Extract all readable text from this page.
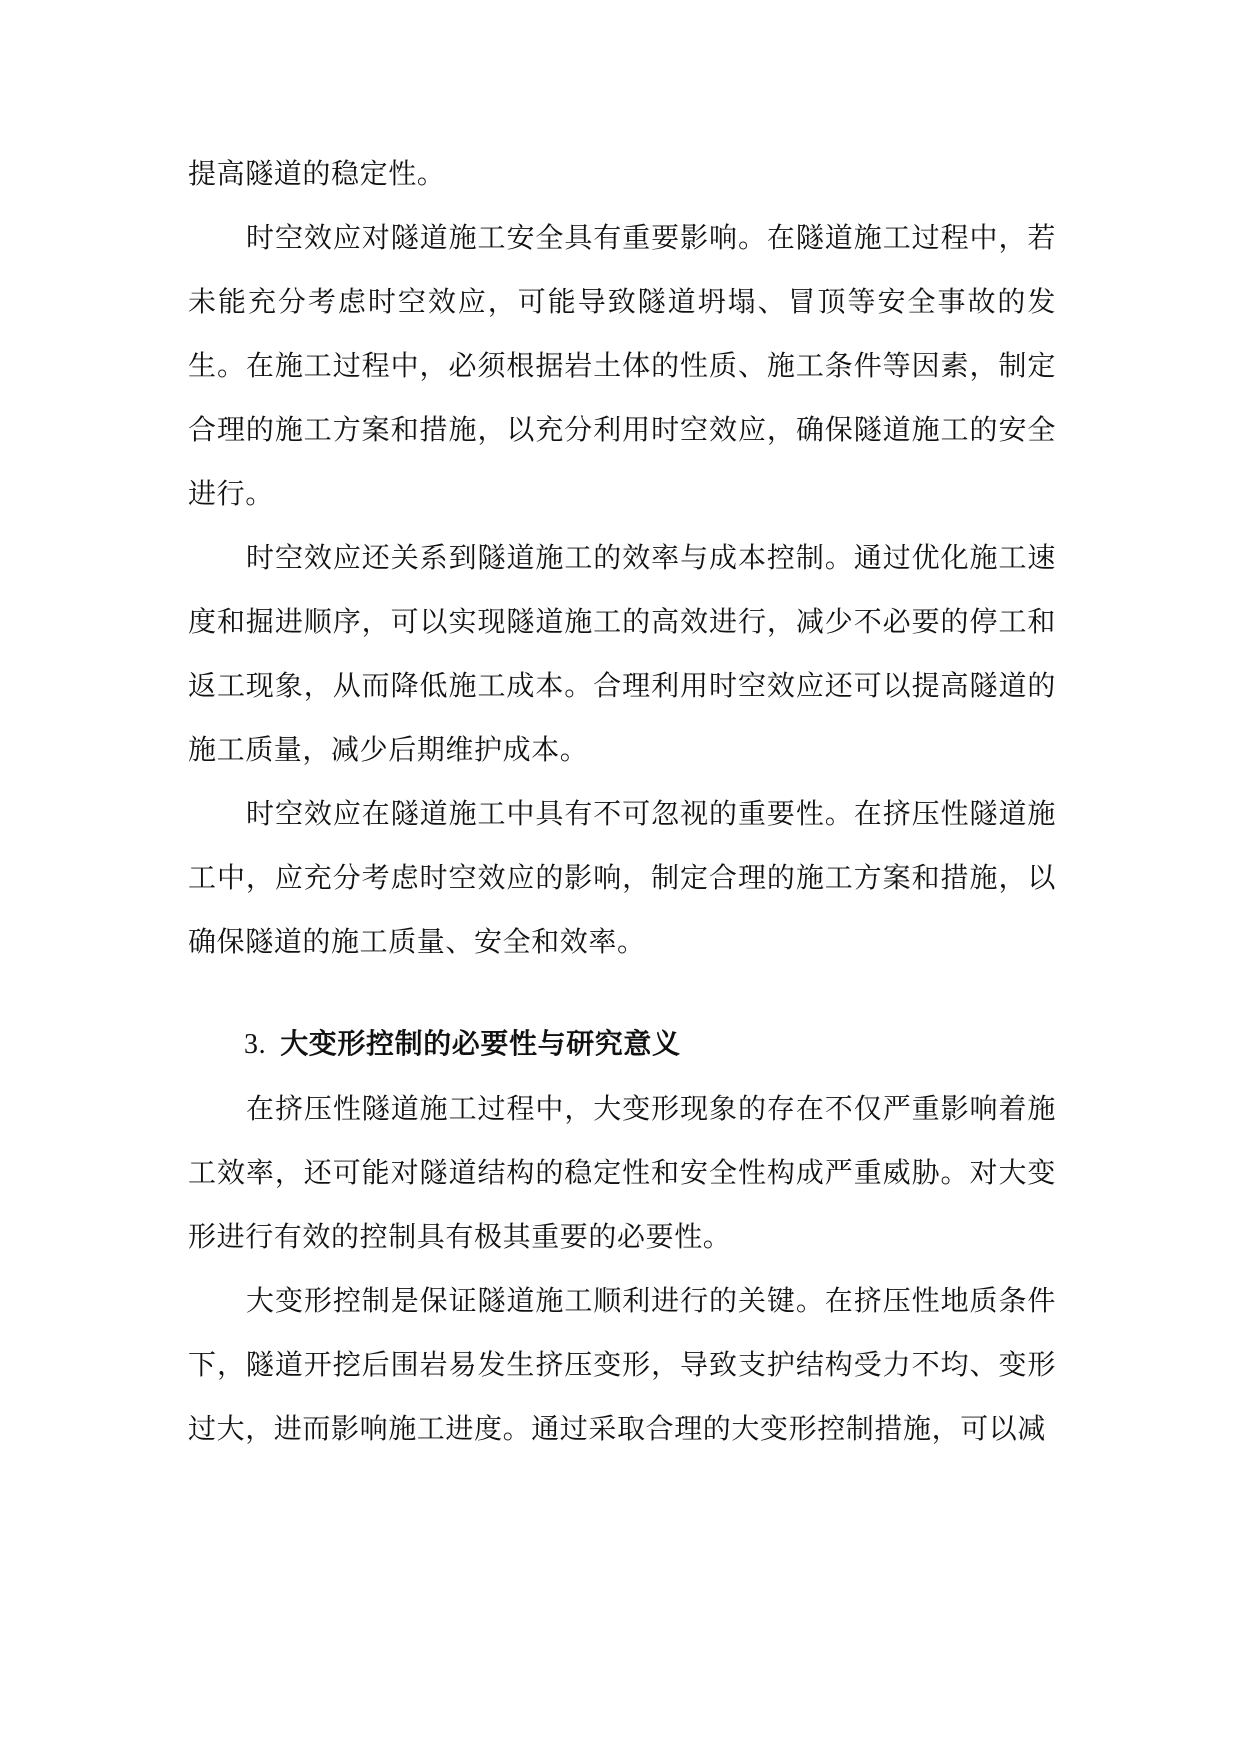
提高隧道的稳定性。

时空效应对隧道施工安全具有重要影响。在隧道施工过程中，若未能充分考虑时空效应，可能导致隧道坍塌、冒顶等安全事故的发生。在施工过程中，必须根据岩土体的性质、施工条件等因素，制定合理的施工方案和措施，以充分利用时空效应，确保隧道施工的安全进行。

时空效应还关系到隧道施工的效率与成本控制。通过优化施工速度和掘进顺序，可以实现隧道施工的高效进行，减少不必要的停工和返工现象，从而降低施工成本。合理利用时空效应还可以提高隧道的施工质量，减少后期维护成本。

时空效应在隧道施工中具有不可忽视的重要性。在挤压性隧道施工中，应充分考虑时空效应的影响，制定合理的施工方案和措施，以确保隧道的施工质量、安全和效率。

3. 大变形控制的必要性与研究意义

在挤压性隧道施工过程中，大变形现象的存在不仅严重影响着施工效率，还可能对隧道结构的稳定性和安全性构成严重威胁。对大变形进行有效的控制具有极其重要的必要性。

大变形控制是保证隧道施工顺利进行的关键。在挤压性地质条件下，隧道开挖后围岩易发生挤压变形，导致支护结构受力不均、变形过大，进而影响施工进度。通过采取合理的大变形控制措施，可以减
